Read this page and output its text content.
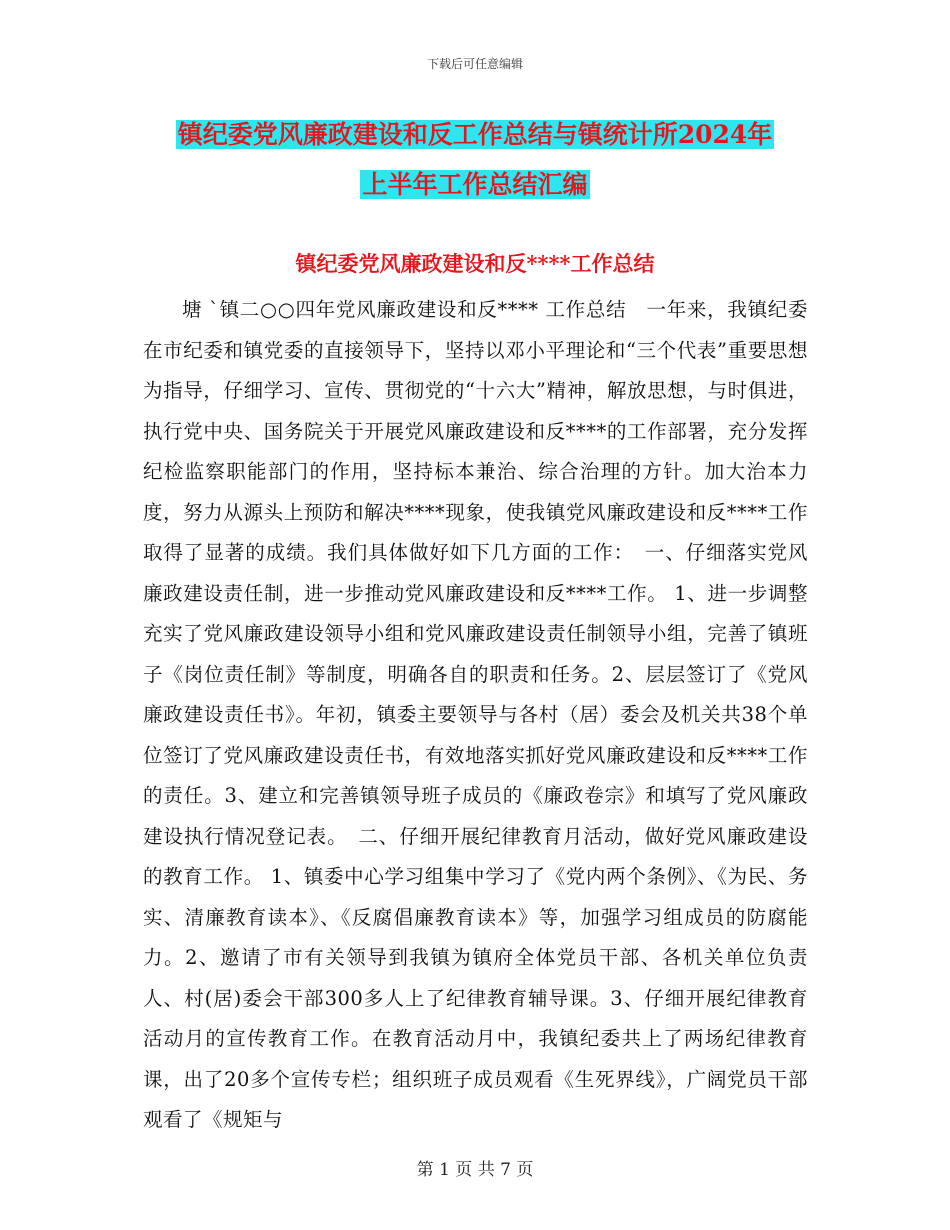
下载后可任意编辑
镇纪委党风廉政建设和反工作总结与镇统计所2024年
上半年工作总结汇编
镇纪委党风廉政建设和反****工作总结

塘 `镇二○○四年党风廉政建设和反**** 工作总结　一年来，我镇纪委在市纪委和镇党委的直接领导下，坚持以邓小平理论和“三个代表”重要思想为指导，仔细学习、宣传、贯彻党的“十六大”精神，解放思想，与时俱进，执行党中央、国务院关于开展党风廉政建设和反****的工作部署，充分发挥纪检监察职能部门的作用，坚持标本兼治、综合治理的方针。加大治本力度，努力从源头上预防和解决****现象，使我镇党风廉政建设和反****工作取得了显著的成绩。我们具体做好如下几方面的工作：　一、仔细落实党风廉政建设责任制，进一步推动党风廉政建设和反****工作。 1、进一步调整充实了党风廉政建设领导小组和党风廉政建设责任制领导小组，完善了镇班子《岗位责任制》等制度，明确各自的职责和任务。2、层层签订了《党风廉政建设责任书》。年初，镇委主要领导与各村（居）委会及机关共38个单位签订了党风廉政建设责任书，有效地落实抓好党风廉政建设和反****工作的责任。3、建立和完善镇领导班子成员的《廉政卷宗》和填写了党风廉政建设执行情况登记表。　二、仔细开展纪律教育月活动，做好党风廉政建设的教育工作。 1、镇委中心学习组集中学习了《党内两个条例》、《为民、务实、清廉教育读本》、《反腐倡廉教育读本》等，加强学习组成员的防腐能力。2、邀请了市有关领导到我镇为镇府全体党员干部、各机关单位负责人、村(居)委会干部300多人上了纪律教育辅导课。3、仔细开展纪律教育活动月的宣传教育工作。在教育活动月中，我镇纪委共上了两场纪律教育课，出了20多个宣传专栏；组织班子成员观看《生死界线》，广阔党员干部观看了《规矩与

第 1 页 共 7 页
